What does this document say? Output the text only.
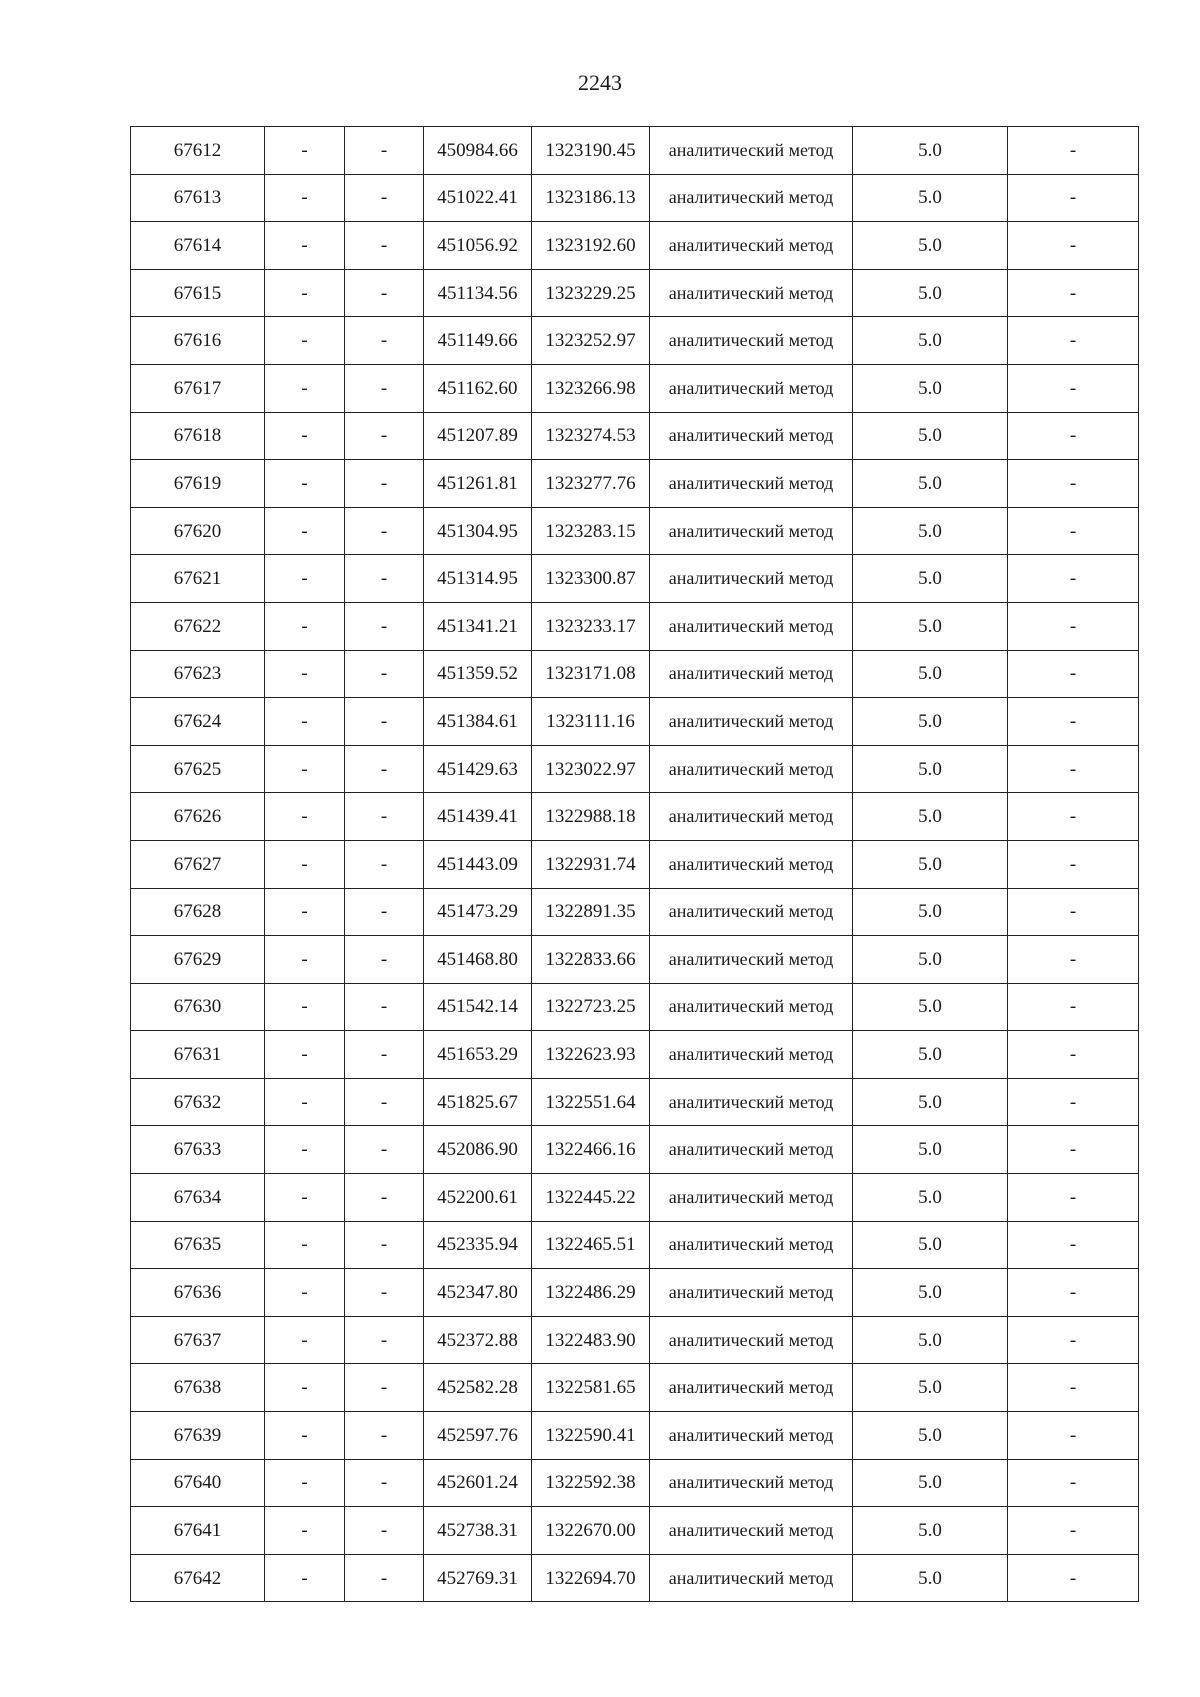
2243
67612	-	-	450984.66	1323190.45	аналитический метод	5.0	-
67613	-	-	451022.41	1323186.13	аналитический метод	5.0	-
67614	-	-	451056.92	1323192.60	аналитический метод	5.0	-
67615	-	-	451134.56	1323229.25	аналитический метод	5.0	-
67616	-	-	451149.66	1323252.97	аналитический метод	5.0	-
67617	-	-	451162.60	1323266.98	аналитический метод	5.0	-
67618	-	-	451207.89	1323274.53	аналитический метод	5.0	-
67619	-	-	451261.81	1323277.76	аналитический метод	5.0	-
67620	-	-	451304.95	1323283.15	аналитический метод	5.0	-
67621	-	-	451314.95	1323300.87	аналитический метод	5.0	-
67622	-	-	451341.21	1323233.17	аналитический метод	5.0	-
67623	-	-	451359.52	1323171.08	аналитический метод	5.0	-
67624	-	-	451384.61	1323111.16	аналитический метод	5.0	-
67625	-	-	451429.63	1323022.97	аналитический метод	5.0	-
67626	-	-	451439.41	1322988.18	аналитический метод	5.0	-
67627	-	-	451443.09	1322931.74	аналитический метод	5.0	-
67628	-	-	451473.29	1322891.35	аналитический метод	5.0	-
67629	-	-	451468.80	1322833.66	аналитический метод	5.0	-
67630	-	-	451542.14	1322723.25	аналитический метод	5.0	-
67631	-	-	451653.29	1322623.93	аналитический метод	5.0	-
67632	-	-	451825.67	1322551.64	аналитический метод	5.0	-
67633	-	-	452086.90	1322466.16	аналитический метод	5.0	-
67634	-	-	452200.61	1322445.22	аналитический метод	5.0	-
67635	-	-	452335.94	1322465.51	аналитический метод	5.0	-
67636	-	-	452347.80	1322486.29	аналитический метод	5.0	-
67637	-	-	452372.88	1322483.90	аналитический метод	5.0	-
67638	-	-	452582.28	1322581.65	аналитический метод	5.0	-
67639	-	-	452597.76	1322590.41	аналитический метод	5.0	-
67640	-	-	452601.24	1322592.38	аналитический метод	5.0	-
67641	-	-	452738.31	1322670.00	аналитический метод	5.0	-
67642	-	-	452769.31	1322694.70	аналитический метод	5.0	-
